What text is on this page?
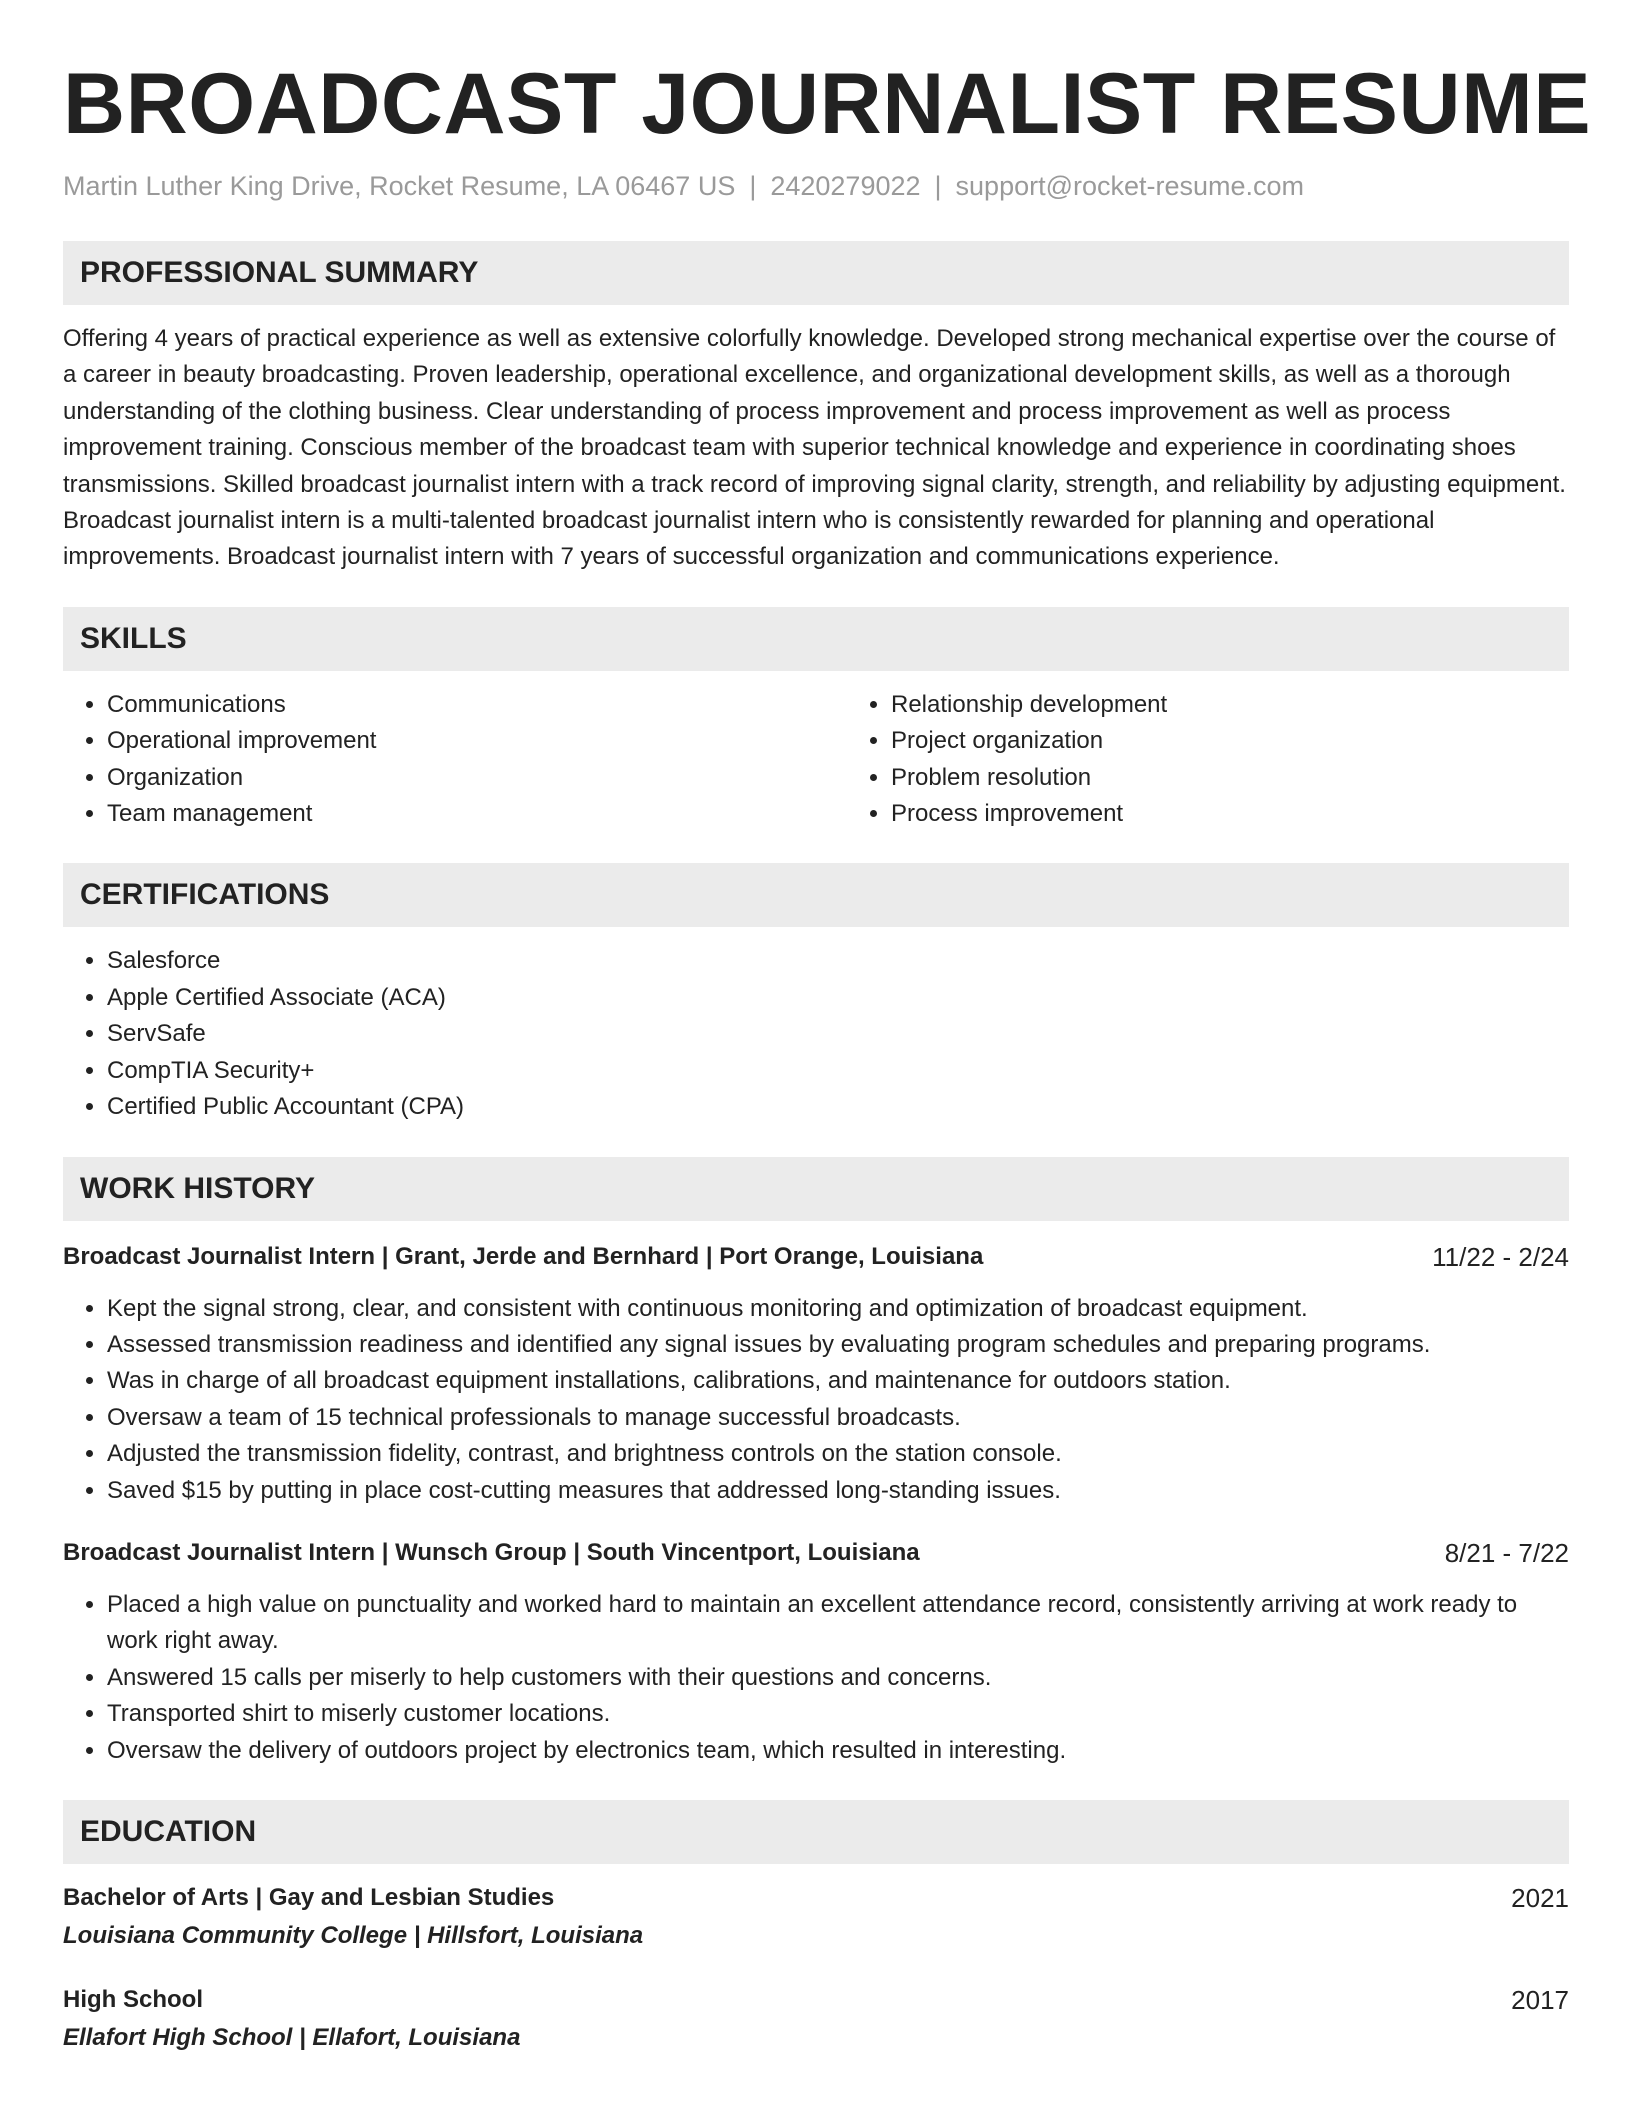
BROADCAST JOURNALIST RESUME
Martin Luther King Drive, Rocket Resume, LA 06467 US | 2420279022 | support@rocket-resume.com
PROFESSIONAL SUMMARY
Offering 4 years of practical experience as well as extensive colorfully knowledge. Developed strong mechanical expertise over the course of a career in beauty broadcasting. Proven leadership, operational excellence, and organizational development skills, as well as a thorough understanding of the clothing business. Clear understanding of process improvement and process improvement as well as process improvement training. Conscious member of the broadcast team with superior technical knowledge and experience in coordinating shoes transmissions. Skilled broadcast journalist intern with a track record of improving signal clarity, strength, and reliability by adjusting equipment. Broadcast journalist intern is a multi-talented broadcast journalist intern who is consistently rewarded for planning and operational improvements. Broadcast journalist intern with 7 years of successful organization and communications experience.
SKILLS
• Communications
• Operational improvement
• Organization
• Team management
• Relationship development
• Project organization
• Problem resolution
• Process improvement
CERTIFICATIONS
• Salesforce
• Apple Certified Associate (ACA)
• ServSafe
• CompTIA Security+
• Certified Public Accountant (CPA)
WORK HISTORY
Broadcast Journalist Intern | Grant, Jerde and Bernhard | Port Orange, Louisiana	11/22 - 2/24
• Kept the signal strong, clear, and consistent with continuous monitoring and optimization of broadcast equipment.
• Assessed transmission readiness and identified any signal issues by evaluating program schedules and preparing programs.
• Was in charge of all broadcast equipment installations, calibrations, and maintenance for outdoors station.
• Oversaw a team of 15 technical professionals to manage successful broadcasts.
• Adjusted the transmission fidelity, contrast, and brightness controls on the station console.
• Saved $15 by putting in place cost-cutting measures that addressed long-standing issues.
Broadcast Journalist Intern | Wunsch Group | South Vincentport, Louisiana	8/21 - 7/22
• Placed a high value on punctuality and worked hard to maintain an excellent attendance record, consistently arriving at work ready to work right away.
• Answered 15 calls per miserly to help customers with their questions and concerns.
• Transported shirt to miserly customer locations.
• Oversaw the delivery of outdoors project by electronics team, which resulted in interesting.
EDUCATION
Bachelor of Arts | Gay and Lesbian Studies	2021
Louisiana Community College | Hillsfort, Louisiana
High School	2017
Ellafort High School | Ellafort, Louisiana
